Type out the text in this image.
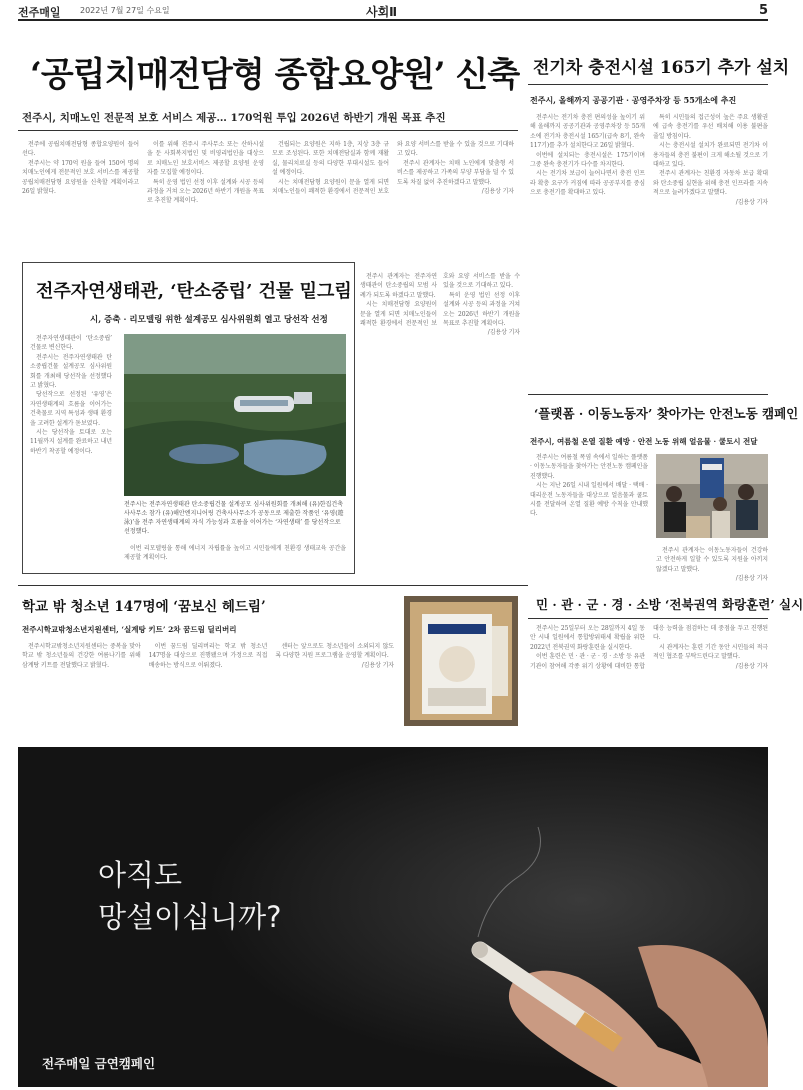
전주매일 2022년 7월 27일 수요일	사회Ⅱ	5
‘공립치매전담형 종합요양원’ 신축
전주시, 치매노인 전문적 보호 서비스 제공… 170억원 투입 2026년 하반기 개원 목표 추진

전주에 공립치매전담형 종합요양원이 들어선다.

전주시는 약 170억 원을 들여 150여 명의 치매노인에게 전문적인 보호 서비스를 제공할 공립치매전담형 요양원을 신축할 계획이라고 26일 밝혔다.

이를 위해 전주시 주사무소 또는 산하시설을 둔 사회복지법인 및 비영리법인을 대상으로 치매노인 보호서비스 제공할 요양원 운영자를 모집할 예정이다.

특히 운영 법인 선정 이후 설계와 시공 등의 과정을 거쳐 오는 2026년 하반기 개원을 목표로 추진할 계획이다.

건립되는 요양원은 지하 1층, 지상 3층 규모로 조성된다. 또한 치매전담실과 함께 재활실, 물리치료실 등의 다양한 부대시설도 들어설 예정이다.

시는 치매전담형 요양원이 문을 열게 되면 치매노인들이 쾌적한 환경에서 전문적인 보호와 요양 서비스를 받을 수 있을 것으로 기대하고 있다.

전주시 관계자는 치매 노인에게 맞춤형 서비스를 제공하고 가족의 부양 부담을 덜 수 있도록 차질 없이 추진하겠다고 말했다.

/김용상 기자

전기차 충전시설 165기 추가 설치
전주시, 올해까지 공공기관 · 공영주차장 등 55개소에 추진

전주시는 전기차 충전 편의성을 높이기 위해 올해까지 공공기관과 공영주차장 등 55개소에 전기차 충전시설 165기(급속 8기, 완속 117기)를 추가 설치한다고 26일 밝혔다.

이번에 설치되는 충전시설은 175기이며 그중 완속 충전기가 다수를 차지한다.

시는 전기차 보급이 늘어나면서 충전 인프라 확충 요구가 커짐에 따라 공공부지를 중심으로 충전기를 확대하고 있다.

특히 시민들의 접근성이 높은 주요 생활권에 급속 충전기를 우선 배치해 이용 불편을 줄일 방침이다.

시는 충전시설 설치가 완료되면 전기차 이용자들의 충전 불편이 크게 해소될 것으로 기대하고 있다.

전주시 관계자는 친환경 자동차 보급 확대와 탄소중립 실현을 위해 충전 인프라를 지속적으로 늘려가겠다고 말했다.

/김용상 기자

전주자연생태관, ‘탄소중립’ 건물 밑그림
시, 증축 · 리모델링 위한 설계공모 심사위원회 열고 당선작 선정

전주자연생태관이 ‘탄소중립’ 건물로 변신한다.

전주시는 전주자연생태관 탄소중립건물 설계공모 심사위원회를 개최해 당선작을 선정했다고 밝혔다.

당선작으로 선정된 ‘유영’은 자연생태계의 흐름을 이어가는 건축물로 지역 특성과 생태 환경을 고려한 설계가 돋보였다.

시는 당선작을 토대로 오는 11월까지 설계를 완료하고 내년 하반기 착공할 예정이다.

전주시는 전주자연생태관 탄소중립건물 설계공모 심사위원회를 개최해 (유)한집건축사사무소 참가 (유)해안엔지니어링 건축사사무소가 공동으로 제출한 작품인 ‘유영(遊泳)’을 전주 자연생태계의 자식 가능성과 흐름을 이어가는 ‘자연생태’ 를 당선작으로 선정했다.

이번 리모델링을 통해 에너지 자립률을 높이고 시민들에게 친환경 생태교육 공간을 제공할 계획이다.

전주시 관계자는 전주자연생태관이 탄소중립의 모범 사례가 되도록 하겠다고 말했다.

시는 치매전담형 요양원이 문을 열게 되면 치매노인들이 쾌적한 환경에서 전문적인 보호와 요양 서비스를 받을 수 있을 것으로 기대하고 있다.

특히 운영 법인 선정 이후 설계와 시공 등의 과정을 거쳐 오는 2026년 하반기 개원을 목표로 추진할 계획이다.

/김용상 기자

‘플랫폼 · 이동노동자’ 찾아가는 안전노동 캠페인
전주시, 여름철 온열 질환 예방 · 안전 노동 위해 얼음물 · 쿨토시 전달

전주시는 여름철 폭염 속에서 일하는 플랫폼 · 이동노동자들을 찾아가는 안전노동 캠페인을 진행했다.

시는 지난 26일 시내 일원에서 배달 · 택배 · 대리운전 노동자들을 대상으로 얼음물과 쿨토시를 전달하며 온열 질환 예방 수칙을 안내했다.

전주시 관계자는 이동노동자들이 건강하고 안전하게 일할 수 있도록 지원을 아끼지 않겠다고 말했다.

/김용상 기자

학교 밖 청소년 147명에 ‘꿈보신 헤드림’
전주시학교밖청소년지원센터, ‘실계탕 키트’ 2차 꿈드림 딜리버리

전주시학교밖청소년지원센터는 중복을 맞아 학교 밖 청소년들의 건강한 여름나기를 위해 삼계탕 키트를 전달했다고 밝혔다.

이번 꿈드림 딜리버리는 학교 밖 청소년 147명을 대상으로 진행됐으며 가정으로 직접 배송하는 방식으로 이뤄졌다.

센터는 앞으로도 청소년들이 소외되지 않도록 다양한 지원 프로그램을 운영할 계획이다.

/김용상 기자

민 · 관 · 군 · 경 · 소방 ‘전북권역 화랑훈련’ 실시

전주시는 25일부터 오는 28일까지 4일 동안 시내 일원에서 통합방위태세 확립을 위한 2022년 전북권역 화랑훈련을 실시한다.

이번 훈련은 민 · 관 · 군 · 경 · 소방 등 유관기관이 참여해 각종 위기 상황에 대비한 통합 대응 능력을 점검하는 데 중점을 두고 진행된다.

시 관계자는 훈련 기간 동안 시민들의 적극적인 협조를 부탁드린다고 말했다.

/김용상 기자

아직도
망설이십니까?
전주매일 금연캠페인
